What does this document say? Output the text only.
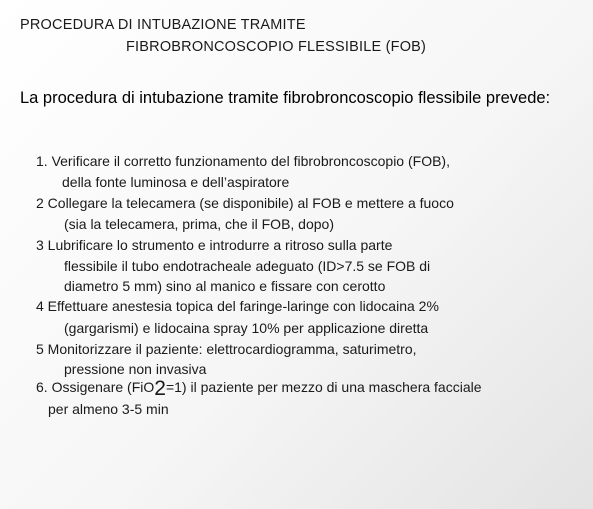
PROCEDURA DI INTUBAZIONE TRAMITE
FIBROBRONCOSCOPIO FLESSIBILE (FOB)
La procedura di intubazione tramite fibrobroncoscopio flessibile prevede:
1. Verificare il corretto funzionamento del fibrobroncoscopio (FOB),
della fonte luminosa e dell’aspiratore
2 Collegare la telecamera (se disponibile) al FOB e mettere a fuoco
(sia la telecamera, prima, che il FOB, dopo)
3 Lubrificare lo strumento e introdurre a ritroso sulla parte
flessibile il tubo endotracheale adeguato (ID>7.5 se FOB di
diametro 5 mm) sino al manico e fissare con cerotto
4 Effettuare anestesia topica del faringe-laringe con lidocaina 2%
(gargarismi) e lidocaina spray 10% per applicazione diretta
5 Monitorizzare il paziente: elettrocardiogramma, saturimetro,
pressione non invasiva
6. Ossigenare (FiO2=1) il paziente per mezzo di una maschera facciale
per almeno 3-5 min
